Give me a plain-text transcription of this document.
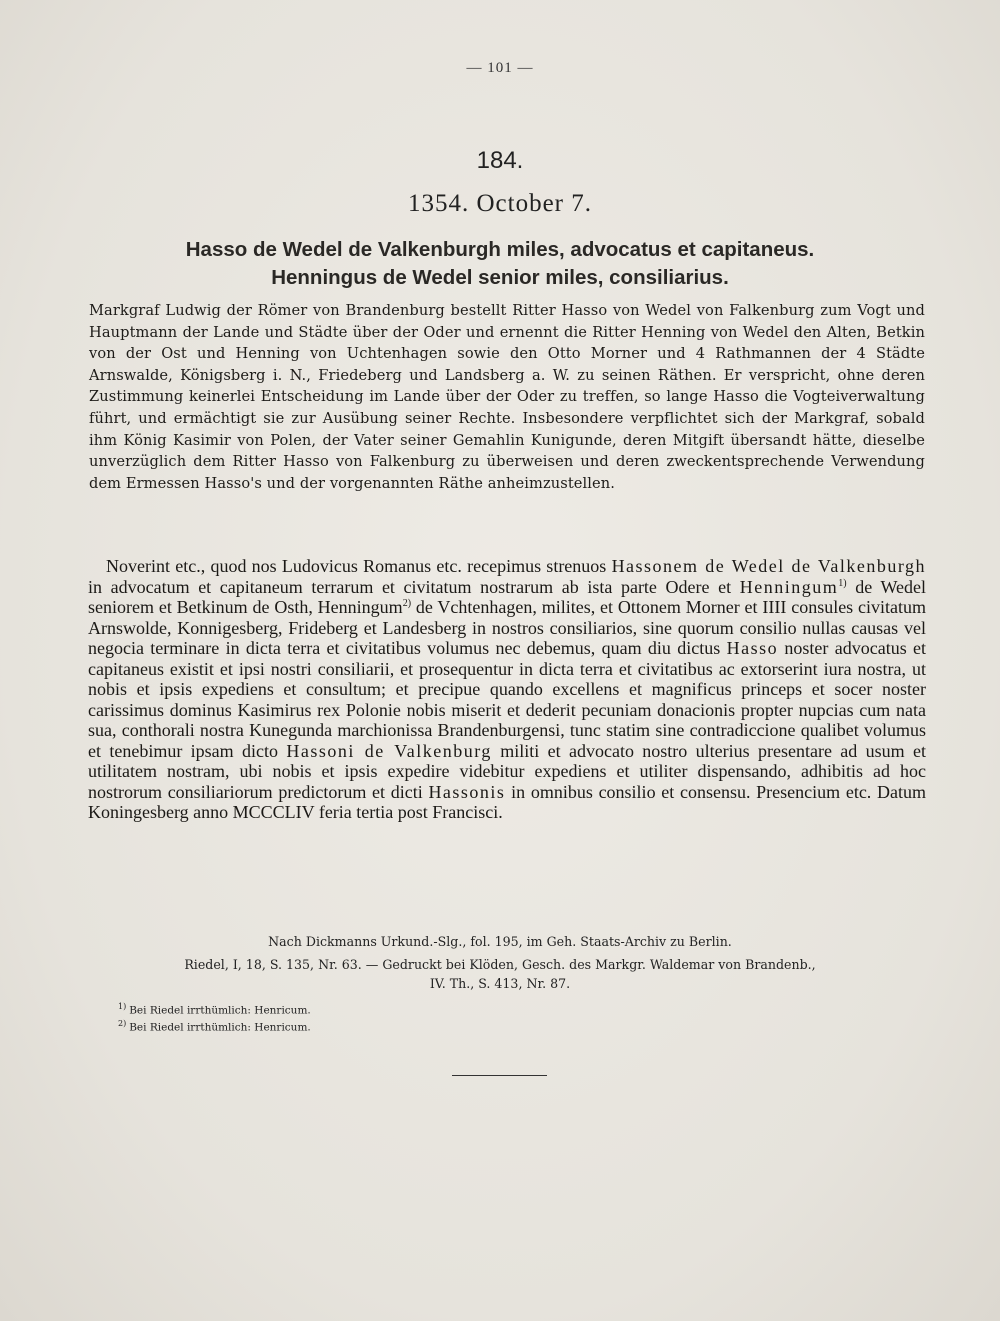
— 101 —
184.
1354. October 7.
Hasso de Wedel de Valkenburgh miles, advocatus et capitaneus.
Henningus de Wedel senior miles, consiliarius.
Markgraf Ludwig der Römer von Brandenburg bestellt Ritter Hasso von Wedel von Falkenburg zum Vogt und Hauptmann der Lande und Städte über der Oder und ernennt die Ritter Henning von Wedel den Alten, Betkin von der Ost und Henning von Uchtenhagen sowie den Otto Morner und 4 Rathmannen der 4 Städte Arnswalde, Königsberg i. N., Friedeberg und Landsberg a. W. zu seinen Räthen. Er verspricht, ohne deren Zustimmung keinerlei Entscheidung im Lande über der Oder zu treffen, so lange Hasso die Vogteiverwaltung führt, und ermächtigt sie zur Ausübung seiner Rechte. Insbesondere verpflichtet sich der Markgraf, sobald ihm König Kasimir von Polen, der Vater seiner Gemahlin Kunigunde, deren Mitgift übersandt hätte, dieselbe unverzüglich dem Ritter Hasso von Falkenburg zu überweisen und deren zweckentsprechende Verwendung dem Ermessen Hasso's und der vorgenannten Räthe anheimzustellen.
Noverint etc., quod nos Ludovicus Romanus etc. recepimus strenuos Hassonem de Wedel de Valkenburgh in advocatum et capitaneum terrarum et civitatum nostrarum ab ista parte Odere et Henningum$^{1)}$ de Wedel seniorem et Betkinum de Osth, Henningum$^{2)}$ de Vchtenhagen, milites, et Ottonem Morner et IIII consules civitatum Arnswolde, Konnigesberg, Frideberg et Landesberg in nostros consiliarios, sine quorum consilio nullas causas vel negocia terminare in dicta terra et civitatibus volumus nec debemus, quam diu dictus Hasso noster advocatus et capitaneus existit et ipsi nostri consiliarii, et prosequentur in dicta terra et civitatibus ac extorserint iura nostra, ut nobis et ipsis expediens et consultum; et precipue quando excellens et magnificus princeps et socer noster carissimus dominus Kasimirus rex Polonie nobis miserit et dederit pecuniam donacionis propter nupcias cum nata sua, conthorali nostra Kunegunda marchionissa Brandenburgensi, tunc statim sine contradiccione qualibet volumus et tenebimur ipsam dicto Hassoni de Valkenburg militi et advocato nostro ulterius presentare ad usum et utilitatem nostram, ubi nobis et ipsis expedire videbitur expediens et utiliter dispensando, adhibitis ad hoc nostrorum consiliariorum predictorum et dicti Hassonis in omnibus consilio et consensu. Presencium etc. Datum Koningesberg anno MCCCLIV feria tertia post Francisci.
Nach Dickmanns Urkund.-Slg., fol. 195, im Geh. Staats-Archiv zu Berlin.
Riedel, I, 18, S. 135, Nr. 63. — Gedruckt bei Klöden, Gesch. des Markgr. Waldemar von Brandenb.,
IV. Th., S. 413, Nr. 87.
$^{1)}$ Bei Riedel irrthümlich: Henricum.
$^{2)}$ Bei Riedel irrthümlich: Henricum.
